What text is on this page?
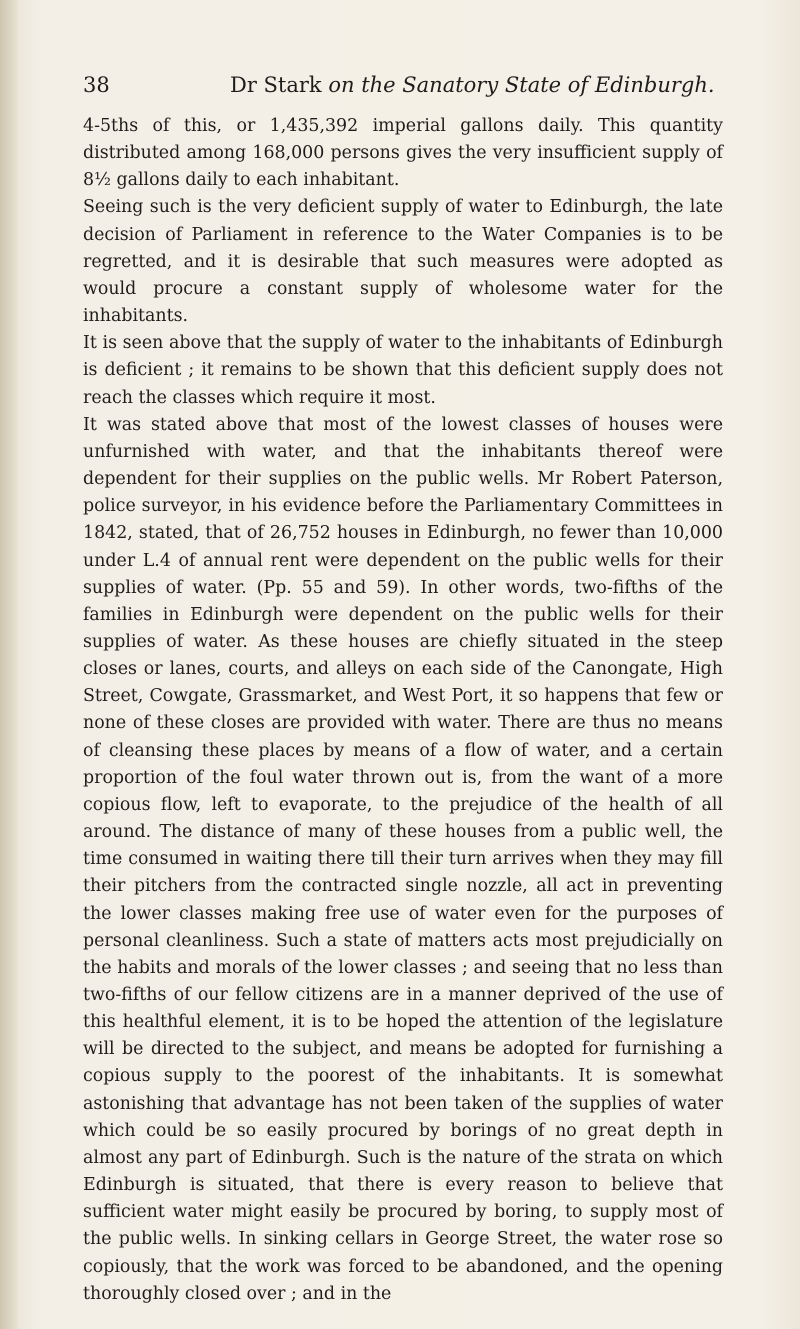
38	Dr Stark on the Sanatory State of Edinburgh.

4-5ths of this, or 1,435,392 imperial gallons daily. This quantity distributed among 168,000 persons gives the very insufficient supply of 8½ gallons daily to each inhabitant.

Seeing such is the very deficient supply of water to Edinburgh, the late decision of Parliament in reference to the Water Companies is to be regretted, and it is desirable that such measures were adopted as would procure a constant supply of wholesome water for the inhabitants.

It is seen above that the supply of water to the inhabitants of Edinburgh is deficient ; it remains to be shown that this deficient supply does not reach the classes which require it most.

It was stated above that most of the lowest classes of houses were unfurnished with water, and that the inhabitants thereof were dependent for their supplies on the public wells. Mr Robert Paterson, police surveyor, in his evidence before the Parliamentary Committees in 1842, stated, that of 26,752 houses in Edinburgh, no fewer than 10,000 under L.4 of annual rent were dependent on the public wells for their supplies of water. (Pp. 55 and 59). In other words, two-fifths of the families in Edinburgh were dependent on the public wells for their supplies of water. As these houses are chiefly situated in the steep closes or lanes, courts, and alleys on each side of the Canongate, High Street, Cowgate, Grassmarket, and West Port, it so happens that few or none of these closes are provided with water. There are thus no means of cleansing these places by means of a flow of water, and a certain proportion of the foul water thrown out is, from the want of a more copious flow, left to evaporate, to the prejudice of the health of all around. The distance of many of these houses from a public well, the time consumed in waiting there till their turn arrives when they may fill their pitchers from the contracted single nozzle, all act in preventing the lower classes making free use of water even for the purposes of personal cleanliness. Such a state of matters acts most prejudicially on the habits and morals of the lower classes ; and seeing that no less than two-fifths of our fellow citizens are in a manner deprived of the use of this healthful element, it is to be hoped the attention of the legislature will be directed to the subject, and means be adopted for furnishing a copious supply to the poorest of the inhabitants. It is somewhat astonishing that advantage has not been taken of the supplies of water which could be so easily procured by borings of no great depth in almost any part of Edinburgh. Such is the nature of the strata on which Edinburgh is situated, that there is every reason to believe that sufficient water might easily be procured by boring, to supply most of the public wells. In sinking cellars in George Street, the water rose so copiously, that the work was forced to be abandoned, and the opening thoroughly closed over ; and in the
